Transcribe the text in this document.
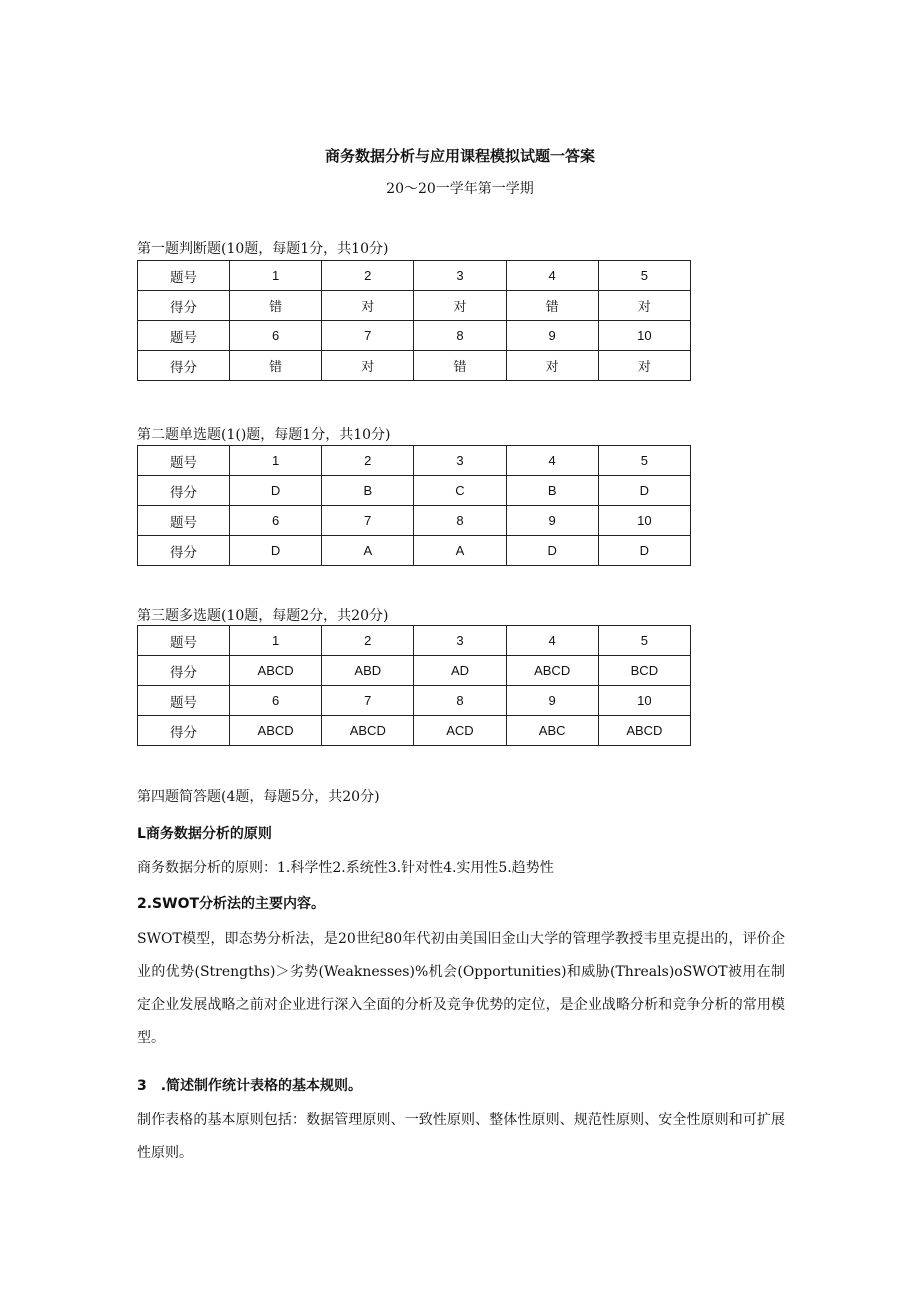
商务数据分析与应用课程模拟试题一答案
20～20一学年第一学期
第一题判断题(10题，每题1分，共10分)
题号	1	2	3	4	5
得分	错	对	对	错	对
题号	6	7	8	9	10
得分	错	对	错	对	对
第二题单选题(1()题，每题1分，共10分)
题号	1	2	3	4	5
得分	D	B	C	B	D
题号	6	7	8	9	10
得分	D	A	A	D	D
第三题多选题(10题，每题2分，共20分)
题号	1	2	3	4	5
得分	ABCD	ABD	AD	ABCD	BCD
题号	6	7	8	9	10
得分	ABCD	ABCD	ACD	ABC	ABCD
第四题简答题(4题，每题5分，共20分)
L商务数据分析的原则
商务数据分析的原则：1.科学性2.系统性3.针对性4.实用性5.趋势性
2.SWOT分析法的主要内容。
SWOT模型，即态势分析法，是20世纪80年代初由美国旧金山大学的管理学教授韦里克提出的，评价企业的优势(Strengths)＞劣势(Weaknesses)%机会(Opportunities)和威胁(Threals)oSWOT被用在制定企业发展战略之前对企业进行深入全面的分析及竞争优势的定位，是企业战略分析和竞争分析的常用模型。
3　.简述制作统计表格的基本规则。
制作表格的基本原则包括：数据管理原则、一致性原则、整体性原则、规范性原则、安全性原则和可扩展性原则。
